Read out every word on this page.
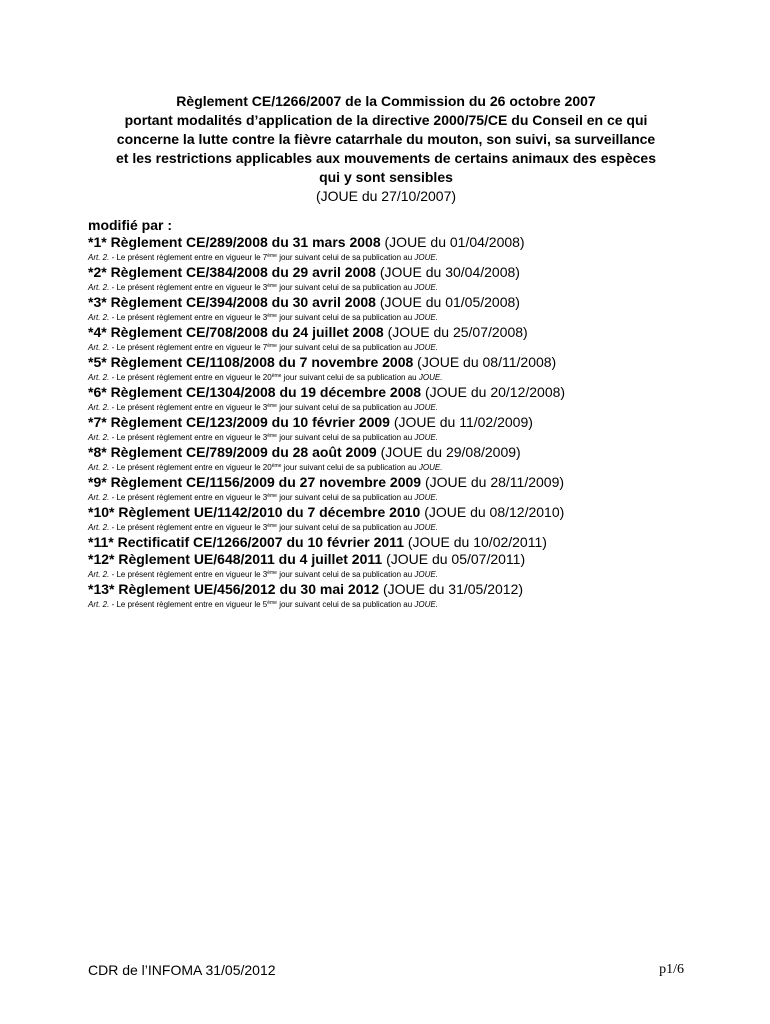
Règlement CE/1266/2007 de la Commission du 26 octobre 2007
portant modalités d’application de la directive 2000/75/CE du Conseil en ce qui
concerne la lutte contre la fièvre catarrhale du mouton, son suivi, sa surveillance
et les restrictions applicables aux mouvements de certains animaux des espèces
qui y sont sensibles
(JOUE du 27/10/2007)
modifié par :
*1* Règlement CE/289/2008 du 31 mars 2008 (JOUE du 01/04/2008)
Art. 2. - Le présent règlement entre en vigueur le 7ème jour suivant celui de sa publication au JOUE.
*2* Règlement CE/384/2008 du 29 avril 2008 (JOUE du 30/04/2008)
Art. 2. - Le présent règlement entre en vigueur le 3ème jour suivant celui de sa publication au JOUE.
*3* Règlement CE/394/2008 du 30 avril 2008 (JOUE du 01/05/2008)
Art. 2. - Le présent règlement entre en vigueur le 3ème jour suivant celui de sa publication au JOUE.
*4* Règlement CE/708/2008 du 24 juillet 2008 (JOUE du 25/07/2008)
Art. 2. - Le présent règlement entre en vigueur le 7ème jour suivant celui de sa publication au JOUE.
*5* Règlement CE/1108/2008 du 7 novembre 2008 (JOUE du 08/11/2008)
Art. 2. - Le présent règlement entre en vigueur le 20ème jour suivant celui de sa publication au JOUE.
*6* Règlement CE/1304/2008 du 19 décembre 2008 (JOUE du 20/12/2008)
Art. 2. - Le présent règlement entre en vigueur le 3ème jour suivant celui de sa publication au JOUE.
*7* Règlement CE/123/2009 du 10 février 2009 (JOUE du 11/02/2009)
Art. 2. - Le présent règlement entre en vigueur le 3ème jour suivant celui de sa publication au JOUE.
*8* Règlement CE/789/2009 du 28 août 2009 (JOUE du 29/08/2009)
Art. 2. - Le présent règlement entre en vigueur le 20ème jour suivant celui de sa publication au JOUE.
*9* Règlement CE/1156/2009 du 27 novembre 2009 (JOUE du 28/11/2009)
Art. 2. - Le présent règlement entre en vigueur le 3ème jour suivant celui de sa publication au JOUE.
*10* Règlement UE/1142/2010 du 7 décembre 2010 (JOUE du 08/12/2010)
Art. 2. - Le présent règlement entre en vigueur le 3ème jour suivant celui de sa publication au JOUE.
*11* Rectificatif CE/1266/2007 du 10 février 2011 (JOUE du 10/02/2011)
*12* Règlement UE/648/2011 du 4 juillet 2011 (JOUE du 05/07/2011)
Art. 2. - Le présent règlement entre en vigueur le 3ème jour suivant celui de sa publication au JOUE.
*13* Règlement UE/456/2012 du 30 mai 2012 (JOUE du 31/05/2012)
Art. 2. - Le présent règlement entre en vigueur le 5ème jour suivant celui de sa publication au JOUE.
CDR de l’INFOMA 31/05/2012	p1/6
